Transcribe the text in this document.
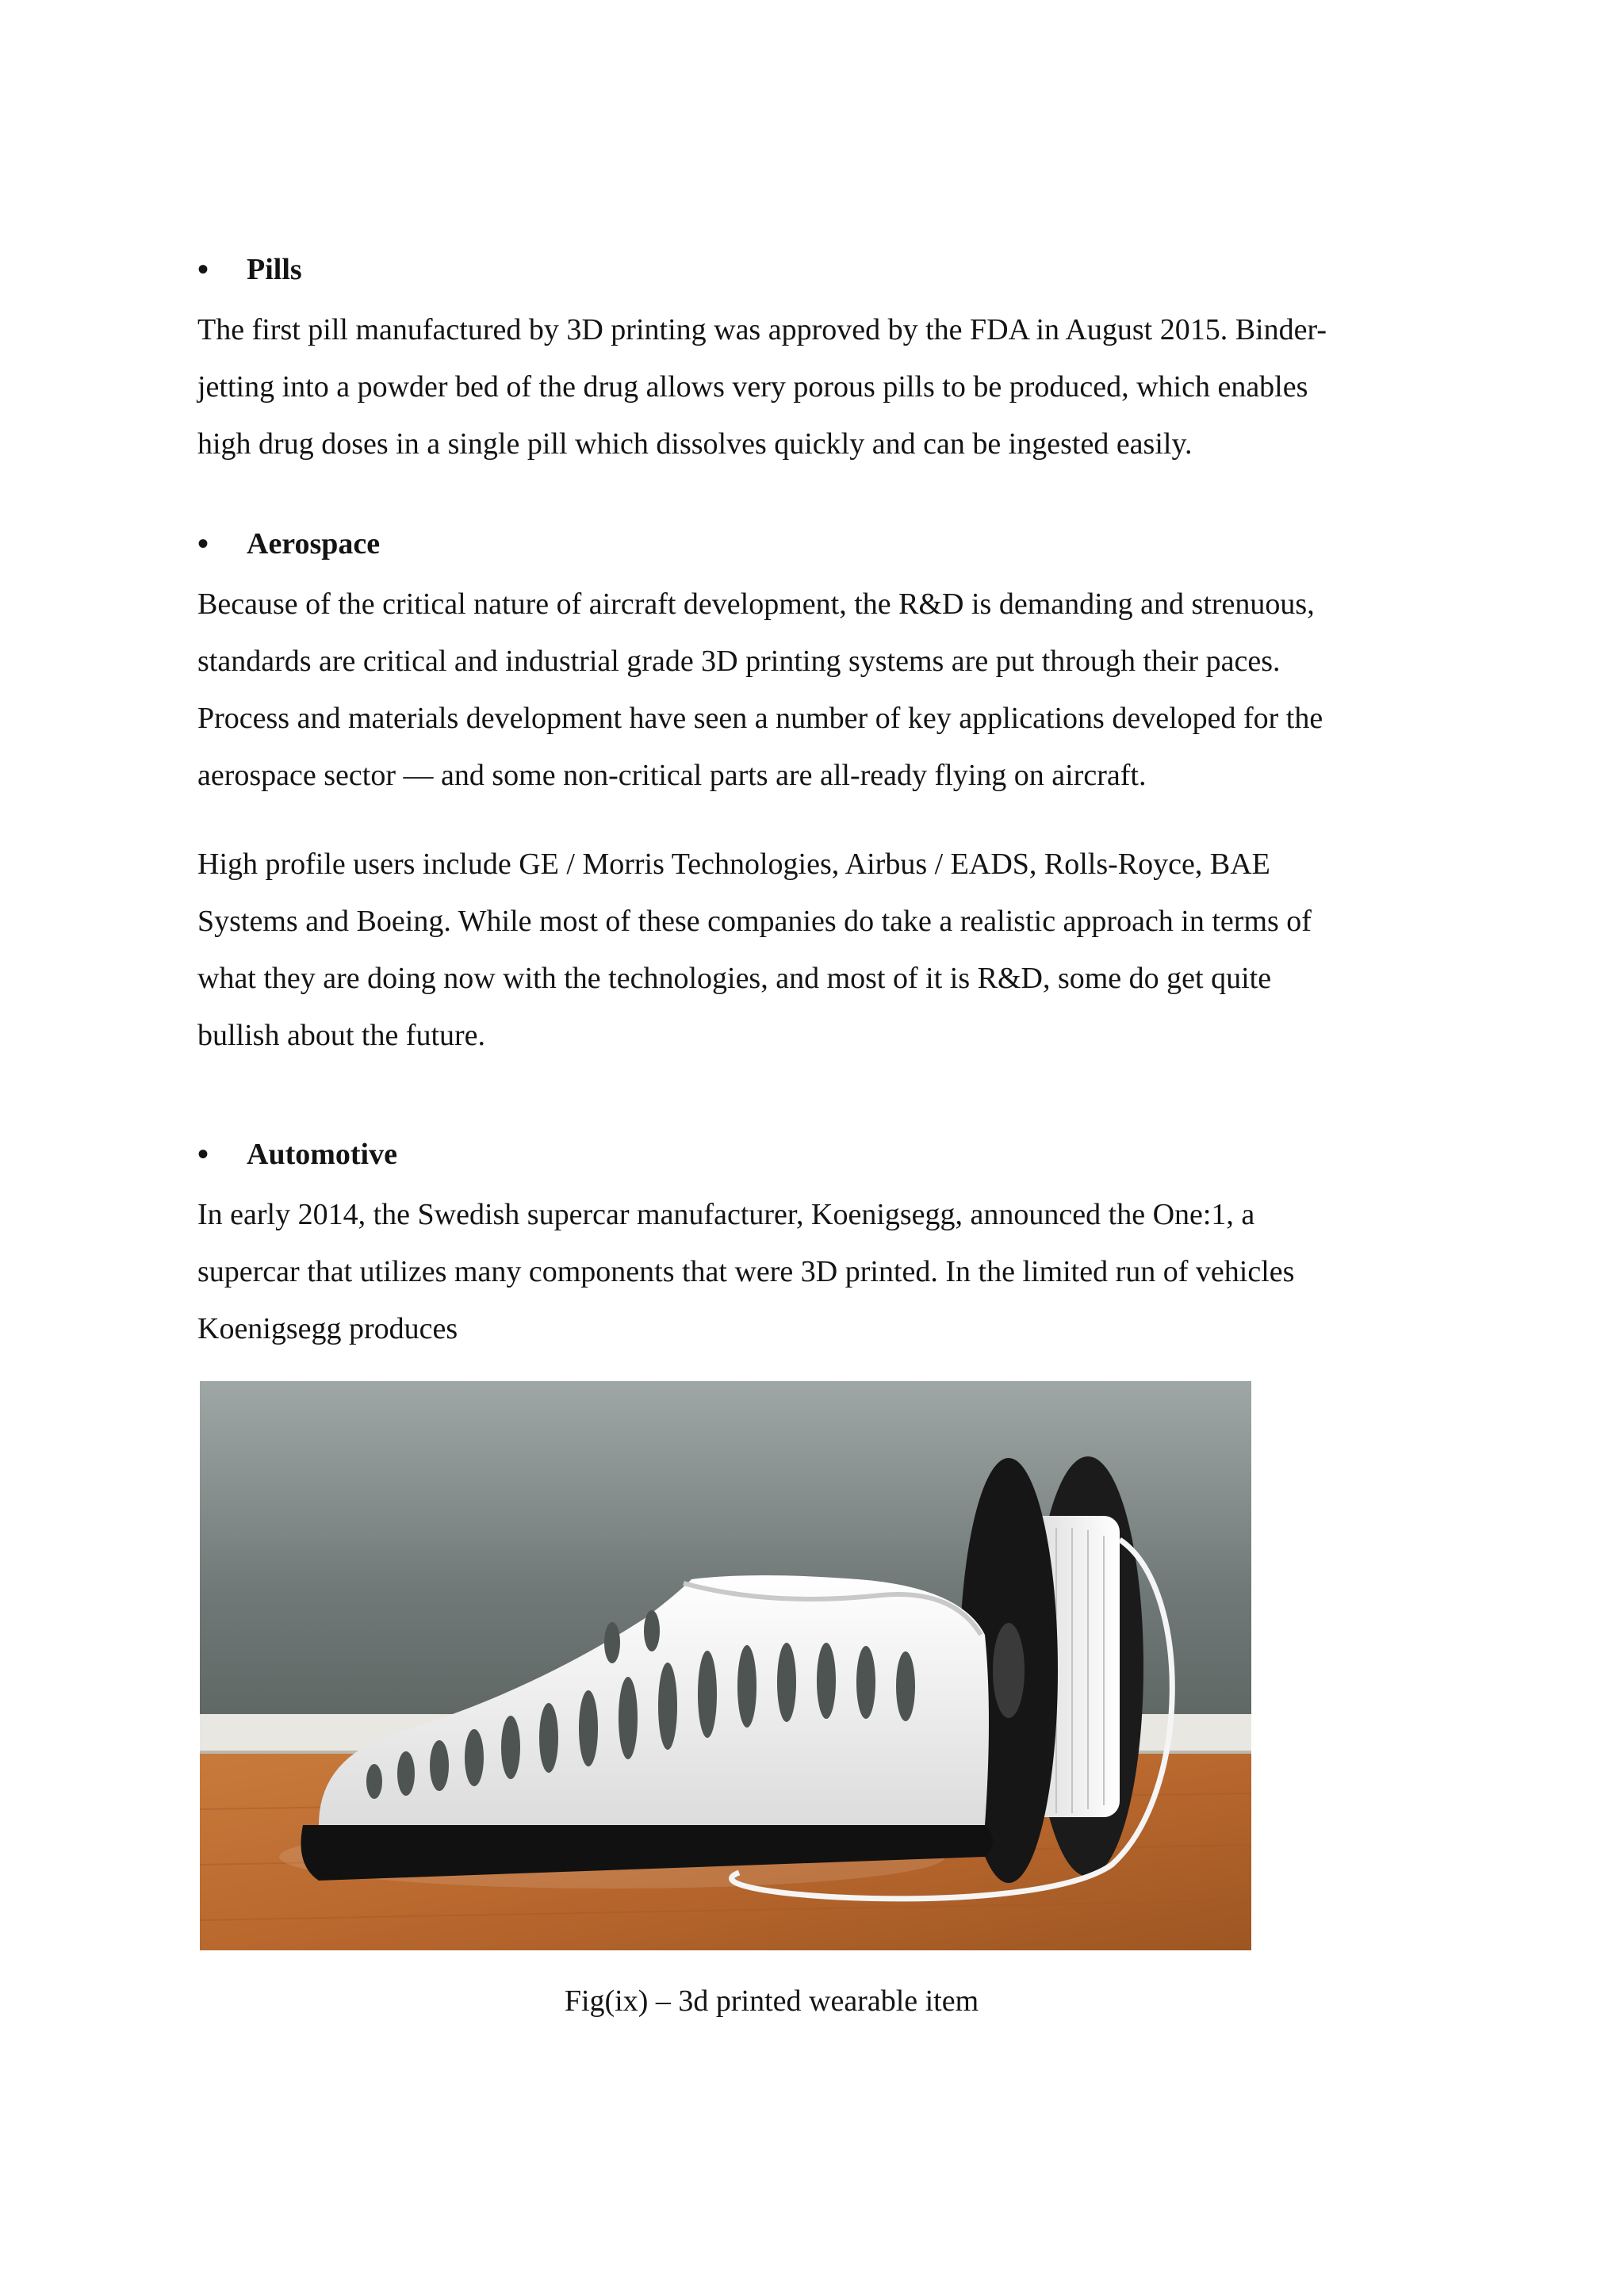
•	Pills

The first pill manufactured by 3D printing was approved by the FDA in August 2015. Binder-
jetting into a powder bed of the drug allows very porous pills to be produced, which enables
high drug doses in a single pill which dissolves quickly and can be ingested easily.

•	Aerospace

Because of the critical nature of aircraft development, the R&D is demanding and strenuous,
standards are critical and industrial grade 3D printing systems are put through their paces.
Process and materials development have seen a number of key applications developed for the
aerospace sector — and some non-critical parts are all-ready flying on aircraft.

High profile users include GE / Morris Technologies, Airbus / EADS, Rolls-Royce, BAE
Systems and Boeing. While most of these companies do take a realistic approach in terms of
what they are doing now with the technologies, and most of it is R&D, some do get quite
bullish about the future.

•	Automotive

In early 2014, the Swedish supercar manufacturer, Koenigsegg, announced the One:1, a
supercar that utilizes many components that were 3D printed. In the limited run of vehicles
Koenigsegg produces

Fig(ix) – 3d printed wearable item
